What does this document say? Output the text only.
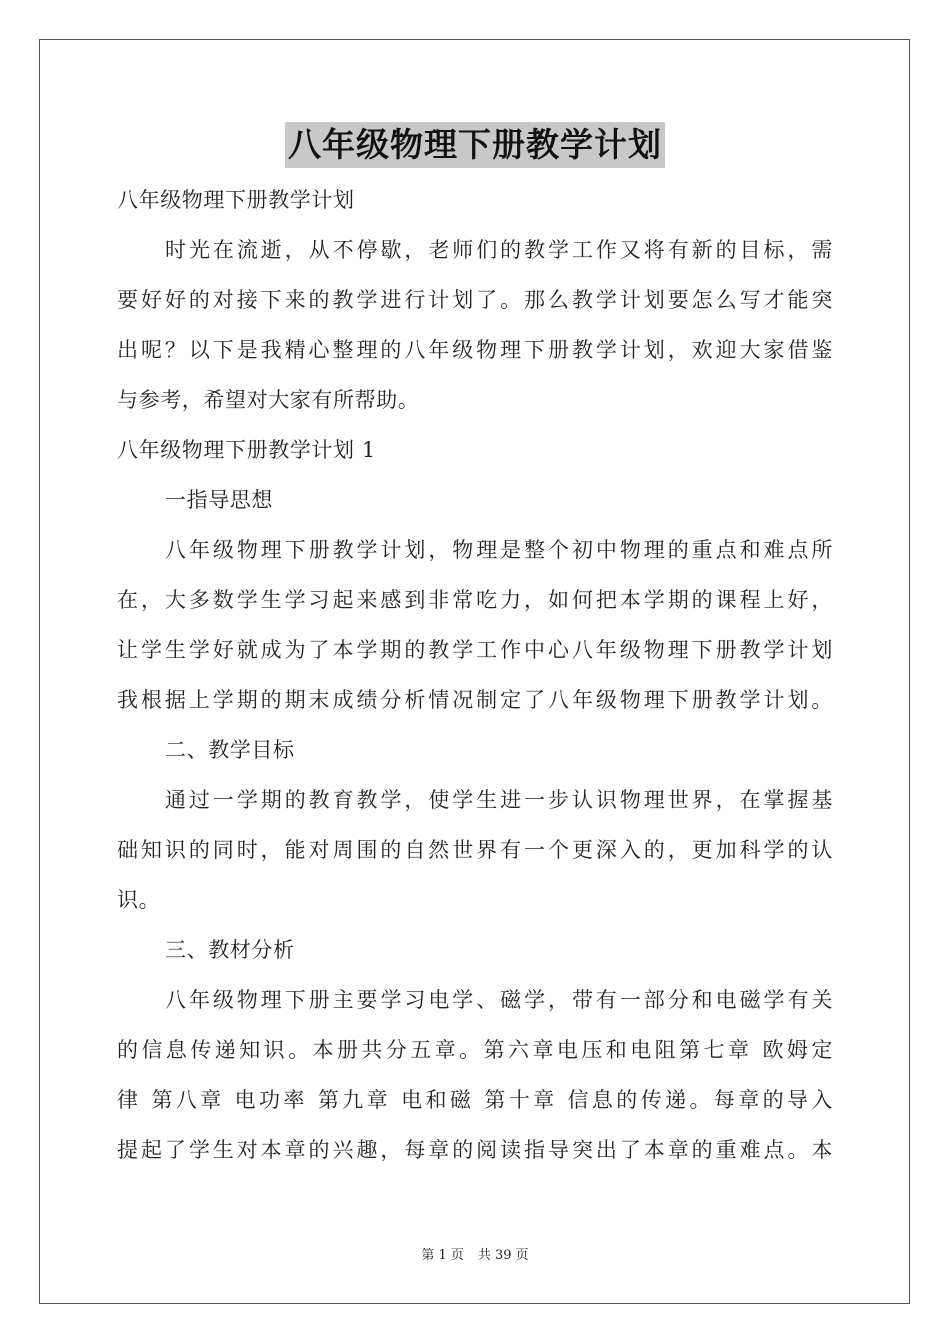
八年级物理下册教学计划
八年级物理下册教学计划
时光在流逝，从不停歇，老师们的教学工作又将有新的目标，需
要好好的对接下来的教学进行计划了。那么教学计划要怎么写才能突
出呢？以下是我精心整理的八年级物理下册教学计划，欢迎大家借鉴
与参考，希望对大家有所帮助。
八年级物理下册教学计划 1
一指导思想
八年级物理下册教学计划，物理是整个初中物理的重点和难点所
在，大多数学生学习起来感到非常吃力，如何把本学期的课程上好，
让学生学好就成为了本学期的教学工作中心八年级物理下册教学计划
我根据上学期的期末成绩分析情况制定了八年级物理下册教学计划。
二、教学目标
通过一学期的教育教学，使学生进一步认识物理世界，在掌握基
础知识的同时，能对周围的自然世界有一个更深入的，更加科学的认
识。
三、教材分析
八年级物理下册主要学习电学、磁学，带有一部分和电磁学有关
的信息传递知识。本册共分五章。第六章电压和电阻第七章 欧姆定
律 第八章 电功率 第九章 电和磁 第十章 信息的传递。每章的导入
提起了学生对本章的兴趣，每章的阅读指导突出了本章的重难点。本
第 1 页 共 39 页
